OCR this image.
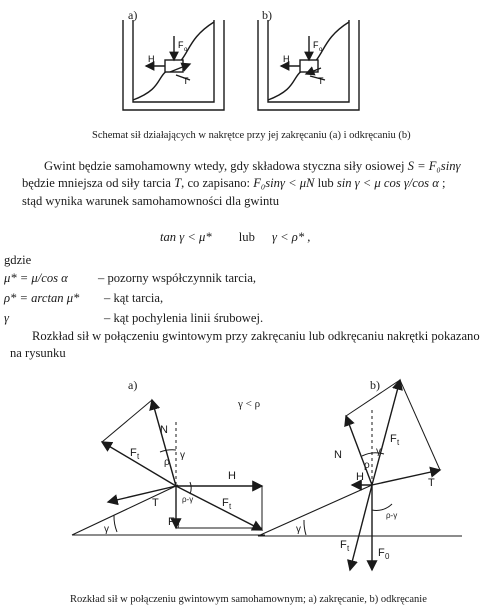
a)	b)
F o
H
T
F o
H
T
Schemat sił działających w nakrętce przy jej zakręcaniu (a) i odkręcaniu (b)
Gwint będzie samohamowny wtedy, gdy składowa styczna siły osiowej S = F₀sinγ będzie mniejsza od siły tarcia T, co zapisano: F₀sinγ < μN lub sin γ < μ cos γ/cos α ;
stąd wynika warunek samohamowności dla gwintu
tan γ < μ* lub γ < ρ* ,
gdzie
μ* = μ/cos α – pozorny współczynnik tarcia,
ρ* = arctan μ* – kąt tarcia,
γ	– kąt pochylenia linii śrubowej.
Rozkład sił w połączeniu gwintowym przy zakręcaniu lub odkręcaniu nakrętki pokazano na rysunku
a)	b)
γ < ρ
N
F t
ρ
γ
H
T	F t
ρ-γ
F 0
γ
F t
N
ρ
γ
H	T
ρ-γ
γ
F t	F 0
Rozkład sił w połączeniu gwintowym samohamownym; a) zakręcanie, b) odkręcanie
